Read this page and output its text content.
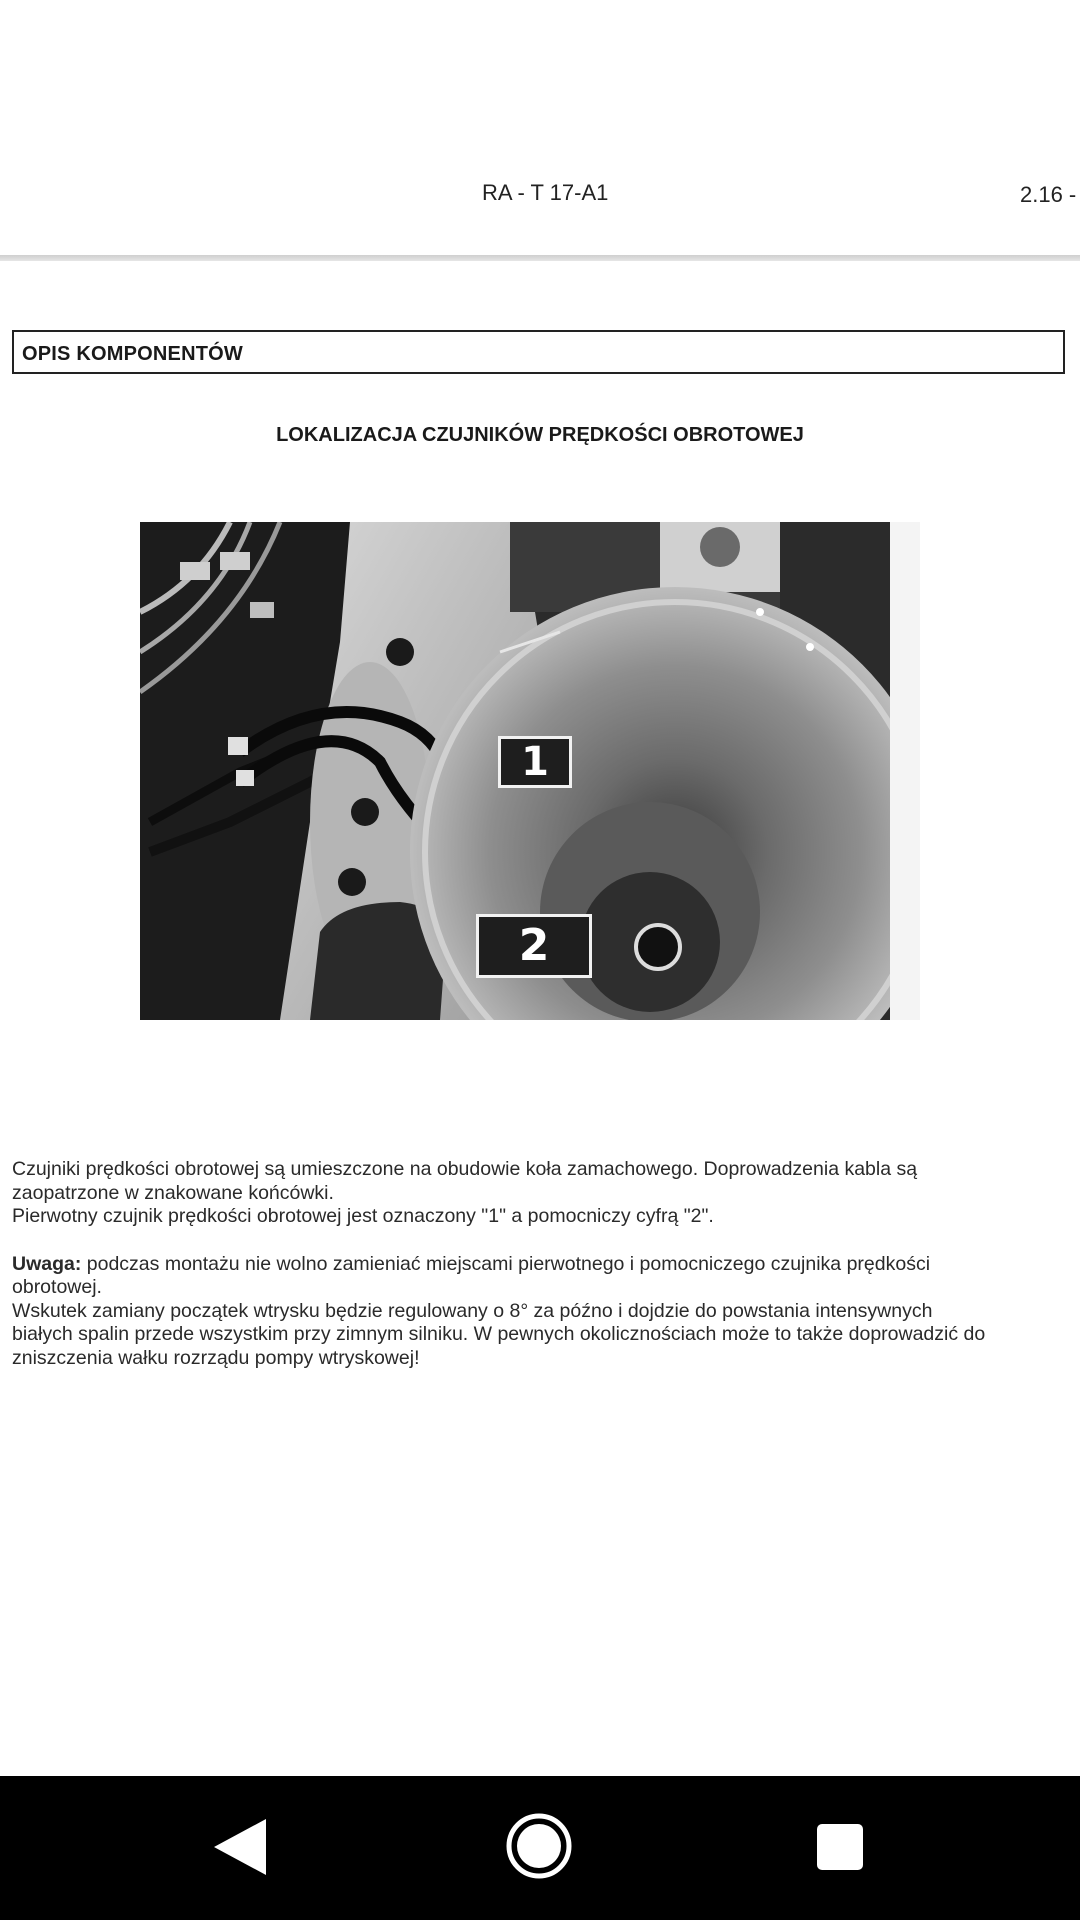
RA - T 17-A1	2.16 -
OPIS KOMPONENTÓW
LOKALIZACJA CZUJNIKÓW PRĘDKOŚCI OBROTOWEJ
1
2

Czujniki prędkości obrotowej są umieszczone na obudowie koła zamachowego. Doprowadzenia kabla są

zaopatrzone w znakowane końcówki.

Pierwotny czujnik prędkości obrotowej jest oznaczony "1" a pomocniczy cyfrą "2".

Uwaga: podczas montażu nie wolno zamieniać miejscami pierwotnego i pomocniczego czujnika prędkości

obrotowej.

Wskutek zamiany początek wtrysku będzie regulowany o 8° za późno i dojdzie do powstania intensywnych

białych spalin przede wszystkim przy zimnym silniku. W pewnych okolicznościach może to także doprowadzić do

zniszczenia wałku rozrządu pompy wtryskowej!
